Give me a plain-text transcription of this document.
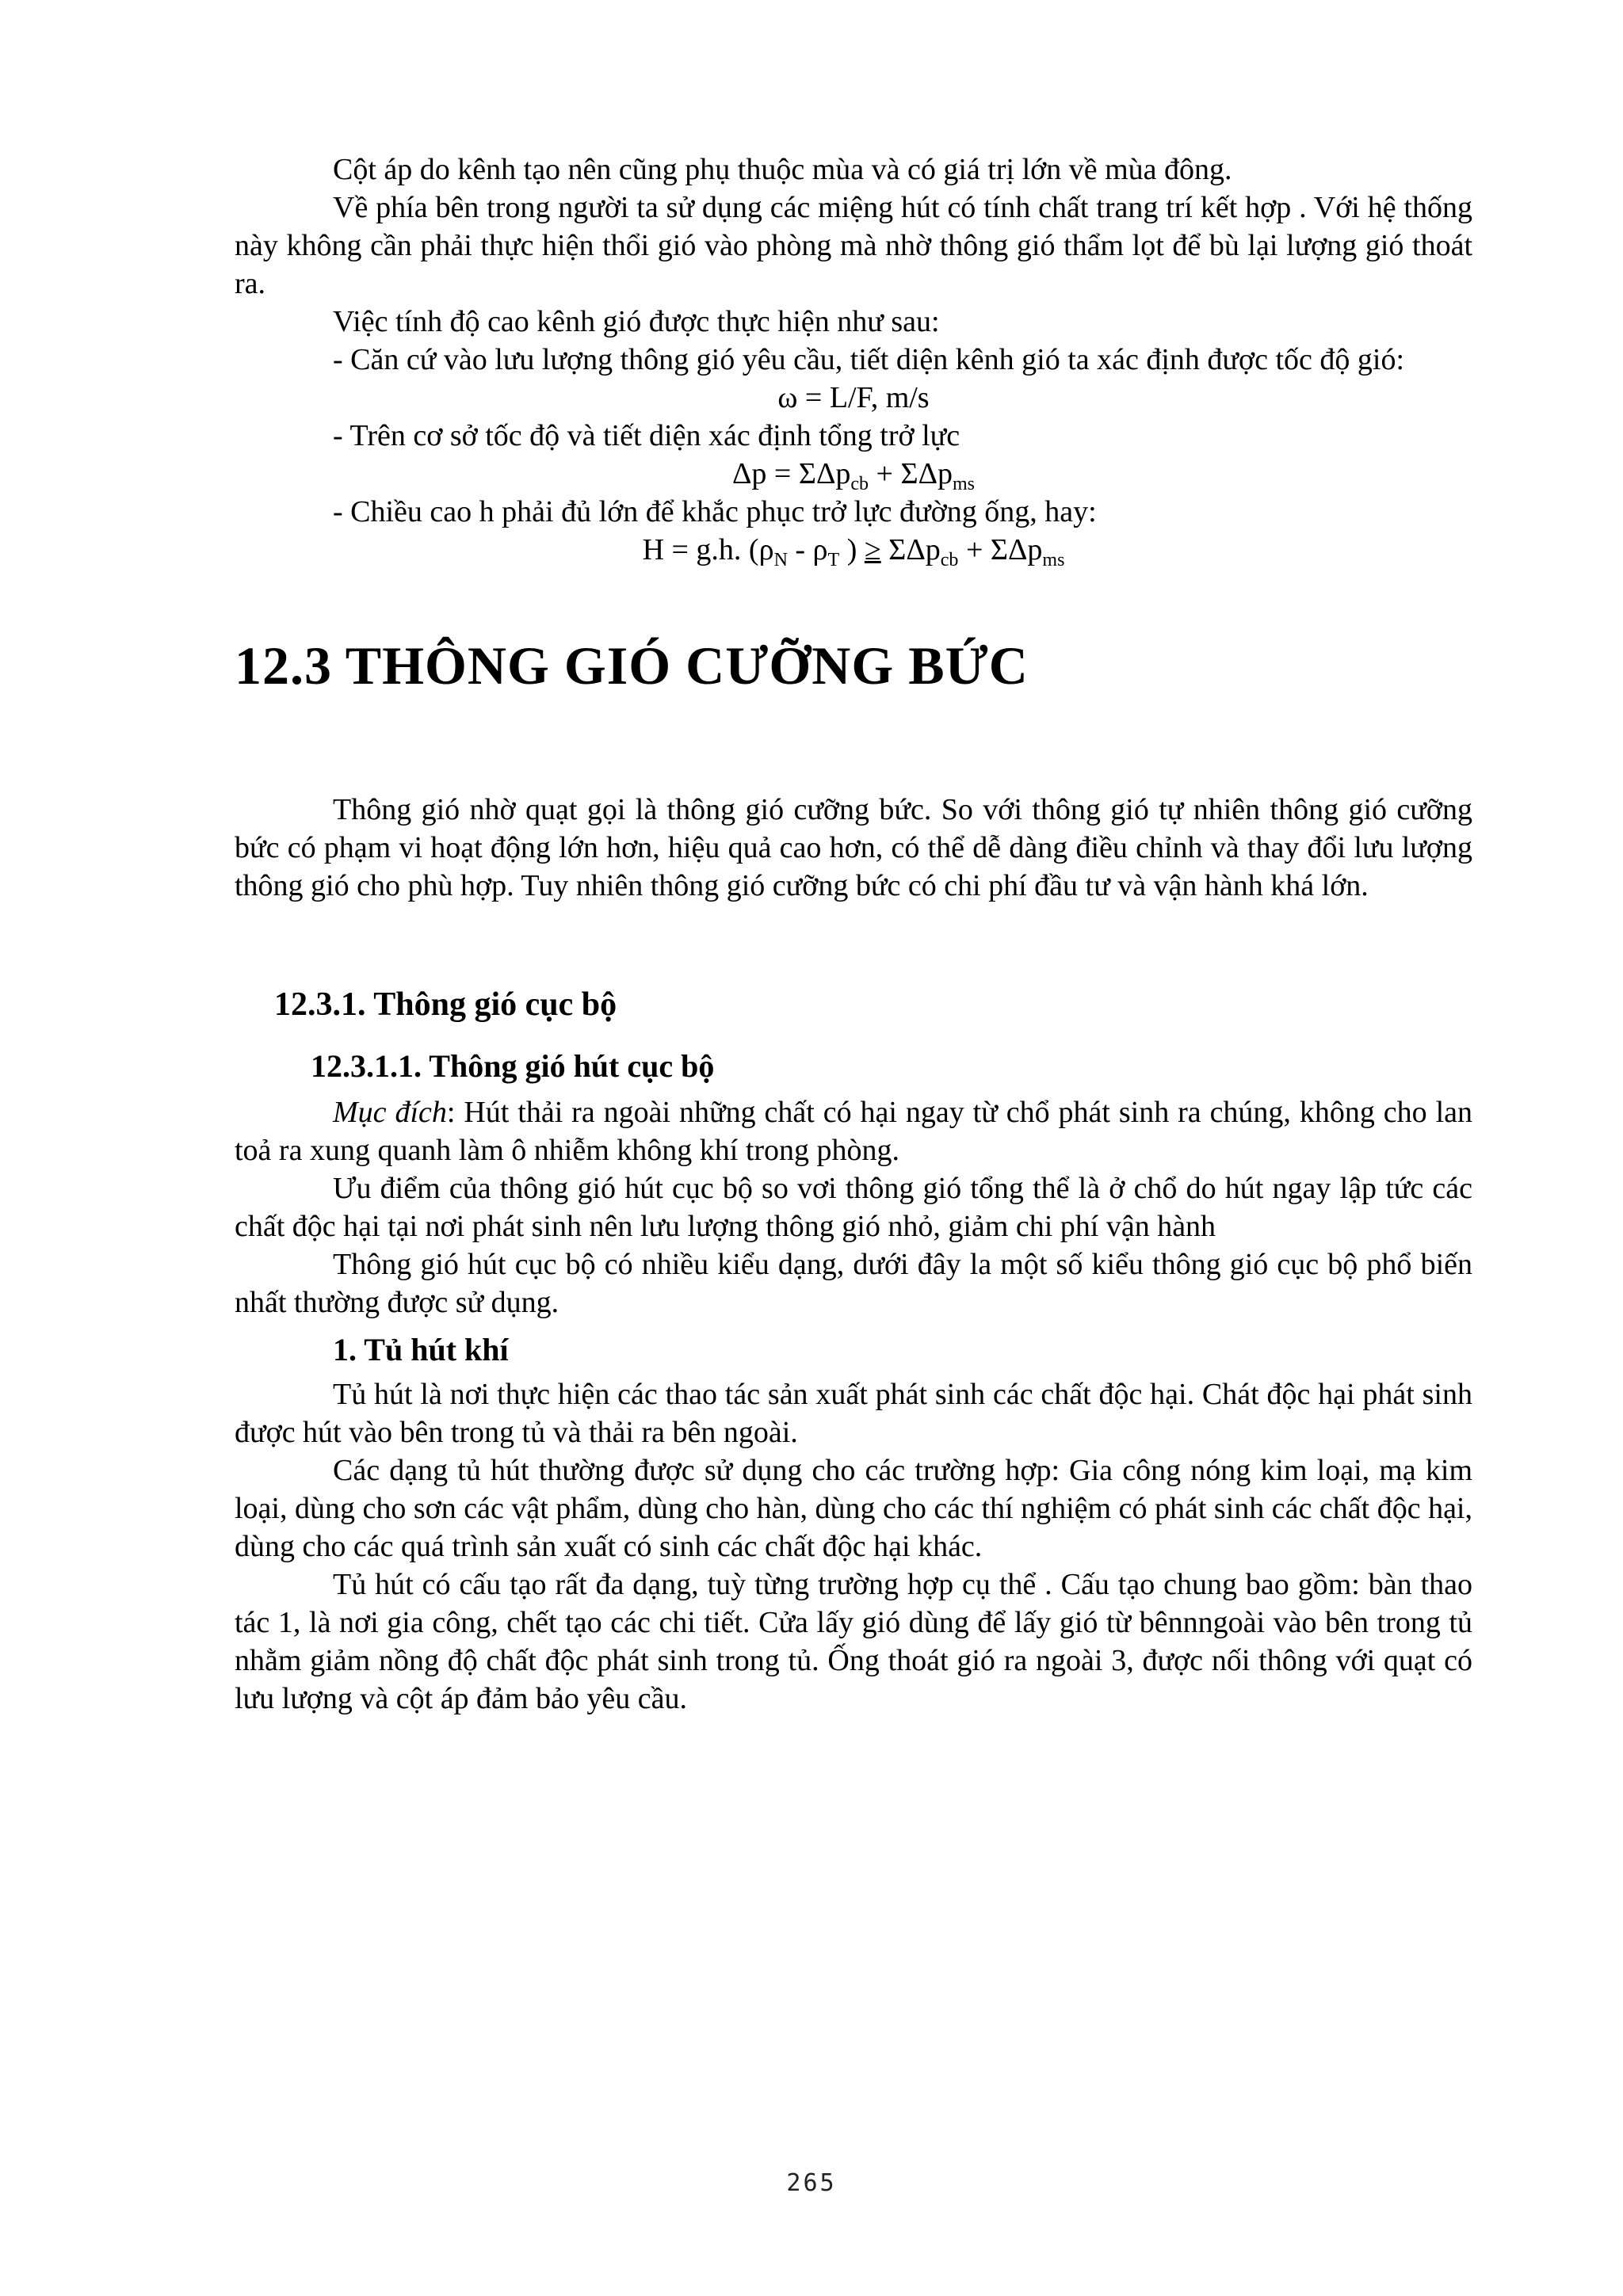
Cột áp do kênh tạo nên cũng phụ thuộc mùa và có giá trị lớn về mùa đông.

Về phía bên trong người ta sử dụng các miệng hút có tính chất trang trí kết hợp . Với hệ thống này không cần phải thực hiện thổi gió vào phòng mà nhờ thông gió thẩm lọt để bù lại lượng gió thoát ra.

Việc tính độ cao kênh gió được thực hiện như sau:

- Căn cứ vào lưu lượng thông gió yêu cầu, tiết diện kênh gió ta xác định được tốc độ gió:

ω = L/F, m/s

- Trên cơ sở tốc độ và tiết diện xác định tổng trở lực

Δp = ΣΔp$_{cb}$ + ΣΔp$_{ms}$

- Chiều cao h phải đủ lớn để khắc phục trở lực đường ống, hay:

H = g.h. ($\rho_N - \rho_T$ ) ≥ ΣΔp$_{cb}$ + ΣΔp$_{ms}$
12.3 THÔNG GIÓ CƯỠNG BỨC

Thông gió nhờ quạt gọi là thông gió cưỡng bức. So với thông gió tự nhiên thông gió cưỡng bức có phạm vi hoạt động lớn hơn, hiệu quả cao hơn, có thể dễ dàng điều chỉnh và thay đổi lưu lượng thông gió cho phù hợp. Tuy nhiên thông gió cưỡng bức có chi phí đầu tư và vận hành khá lớn.

12.3.1. Thông gió cục bộ
12.3.1.1. Thông gió hút cục bộ

Mục đích: Hút thải ra ngoài những chất có hại ngay từ chổ phát sinh ra chúng, không cho lan toả ra xung quanh làm ô nhiễm không khí trong phòng.

Ưu điểm của thông gió hút cục bộ so vơi thông gió tổng thể là ở chổ do hút ngay lập tức các chất độc hại tại nơi phát sinh nên lưu lượng thông gió nhỏ, giảm chi phí vận hành

Thông gió hút cục bộ có nhiều kiểu dạng, dưới đây la một số kiểu thông gió cục bộ phổ biến nhất thường được sử dụng.

1. Tủ hút khí

Tủ hút là nơi thực hiện các thao tác sản xuất phát sinh các chất độc hại. Chát độc hại phát sinh được hút vào bên trong tủ và thải ra bên ngoài.

Các dạng tủ hút thường được sử dụng cho các trường hợp: Gia công nóng kim loại, mạ kim loại, dùng cho sơn các vật phẩm, dùng cho hàn, dùng cho các thí nghiệm có phát sinh các chất độc hại, dùng cho các quá trình sản xuất có sinh các chất độc hại khác.

Tủ hút có cấu tạo rất đa dạng, tuỳ từng trường hợp cụ thể . Cấu tạo chung bao gồm: bàn thao tác 1, là nơi gia công, chết tạo các chi tiết. Cửa lấy gió dùng để lấy gió từ bênnngoài vào bên trong tủ nhằm giảm nồng độ chất độc phát sinh trong tủ. Ống thoát gió ra ngoài 3, được nối thông với quạt có lưu lượng và cột áp đảm bảo yêu cầu.

265
